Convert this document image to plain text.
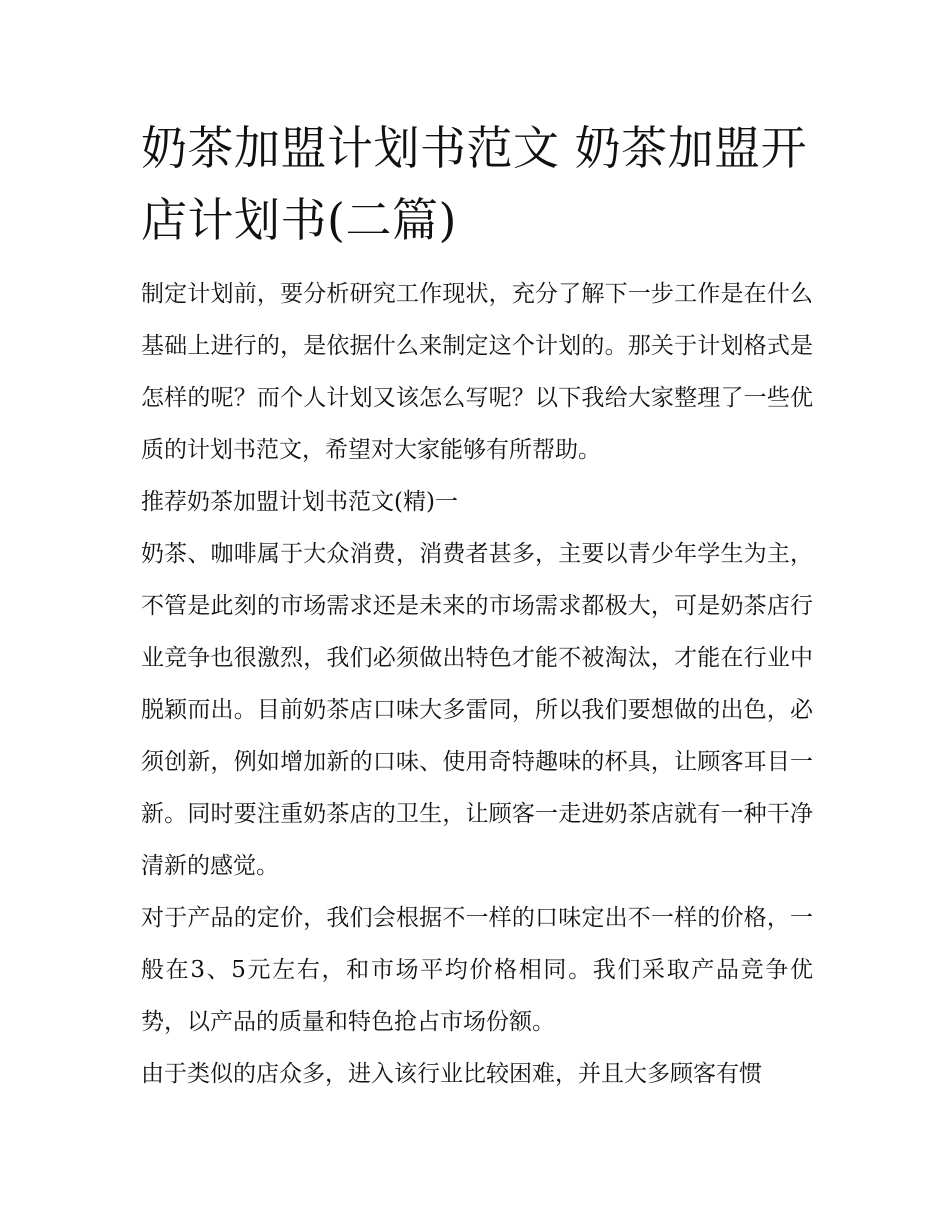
奶茶加盟计划书范文 奶茶加盟开店计划书(二篇)

制定计划前，要分析研究工作现状，充分了解下一步工作是在什么基础上进行的，是依据什么来制定这个计划的。那关于计划格式是怎样的呢？而个人计划又该怎么写呢？以下我给大家整理了一些优质的计划书范文，希望对大家能够有所帮助。

推荐奶茶加盟计划书范文(精)一

奶茶、咖啡属于大众消费，消费者甚多，主要以青少年学生为主，不管是此刻的市场需求还是未来的市场需求都极大，可是奶茶店行业竞争也很激烈，我们必须做出特色才能不被淘汰，才能在行业中脱颖而出。目前奶茶店口味大多雷同，所以我们要想做的出色，必须创新，例如增加新的口味、使用奇特趣味的杯具，让顾客耳目一新。同时要注重奶茶店的卫生，让顾客一走进奶茶店就有一种干净清新的感觉。

对于产品的定价，我们会根据不一样的口味定出不一样的价格，一般在3、5元左右，和市场平均价格相同。我们采取产品竞争优势，以产品的质量和特色抢占市场份额。

由于类似的店众多，进入该行业比较困难，并且大多顾客有惯
